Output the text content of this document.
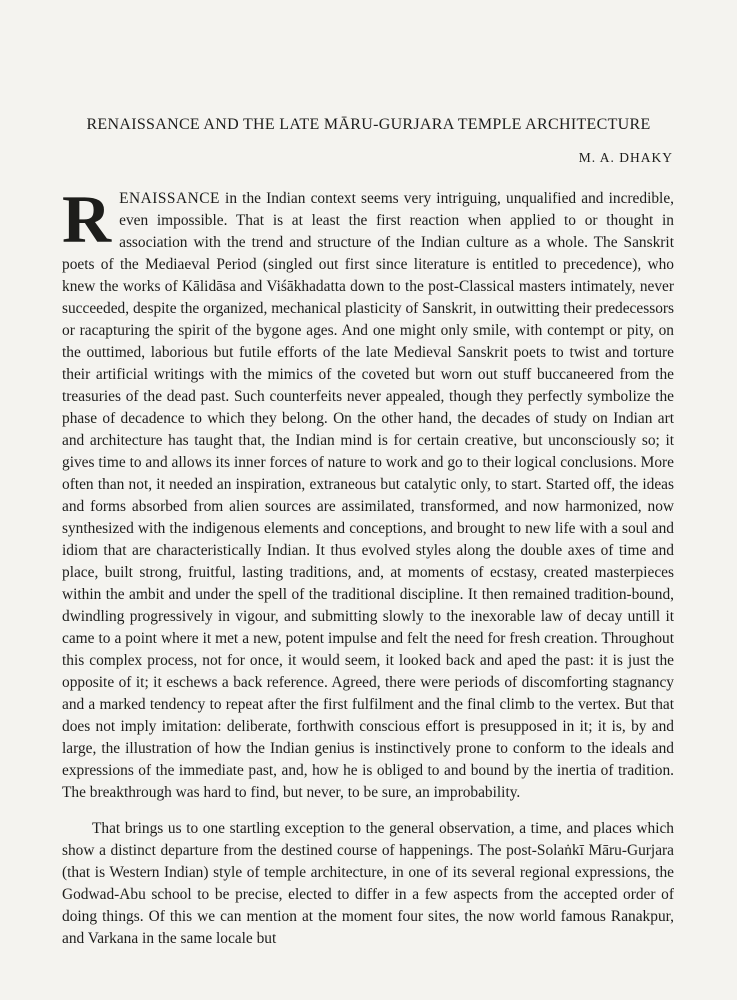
RENAISSANCE AND THE LATE MĀRU-GURJARA TEMPLE ARCHITECTURE
M. A. DHAKY

RENAISSANCE in the Indian context seems very intriguing, unqualified and incredible, even impossible. That is at least the first reaction when applied to or thought in association with the trend and structure of the Indian culture as a whole. The Sanskrit poets of the Mediaeval Period (singled out first since literature is entitled to precedence), who knew the works of Kālidāsa and Viśākhadatta down to the post-Classical masters intimately, never succeeded, despite the organized, mechanical plasticity of Sanskrit, in outwitting their predecessors or racapturing the spirit of the bygone ages. And one might only smile, with contempt or pity, on the outtimed, laborious but futile efforts of the late Medieval Sanskrit poets to twist and torture their artificial writings with the mimics of the coveted but worn out stuff buccaneered from the treasuries of the dead past. Such counterfeits never appealed, though they perfectly symbolize the phase of decadence to which they belong. On the other hand, the decades of study on Indian art and architecture has taught that, the Indian mind is for certain creative, but unconsciously so; it gives time to and allows its inner forces of nature to work and go to their logical conclusions. More often than not, it needed an inspiration, extraneous but catalytic only, to start. Started off, the ideas and forms absorbed from alien sources are assimilated, transformed, and now harmonized, now synthesized with the indigenous elements and conceptions, and brought to new life with a soul and idiom that are characteristically Indian. It thus evolved styles along the double axes of time and place, built strong, fruitful, lasting traditions, and, at moments of ecstasy, created masterpieces within the ambit and under the spell of the traditional discipline. It then remained tradition-bound, dwindling progressively in vigour, and submitting slowly to the inexorable law of decay untill it came to a point where it met a new, potent impulse and felt the need for fresh creation. Throughout this complex process, not for once, it would seem, it looked back and aped the past: it is just the opposite of it; it eschews a back reference. Agreed, there were periods of discomforting stagnancy and a marked tendency to repeat after the first fulfilment and the final climb to the vertex. But that does not imply imitation: deliberate, forthwith conscious effort is presupposed in it; it is, by and large, the illustration of how the Indian genius is instinctively prone to conform to the ideals and expressions of the immediate past, and, how he is obliged to and bound by the inertia of tradition. The breakthrough was hard to find, but never, to be sure, an improbability.

That brings us to one startling exception to the general observation, a time, and places which show a distinct departure from the destined course of happenings. The post-Solaṅkī Māru-Gurjara (that is Western Indian) style of temple architecture, in one of its several regional expressions, the Godwad-Abu school to be precise, elected to differ in a few aspects from the accepted order of doing things. Of this we can mention at the moment four sites, the now world famous Ranakpur, and Varkana in the same locale but
